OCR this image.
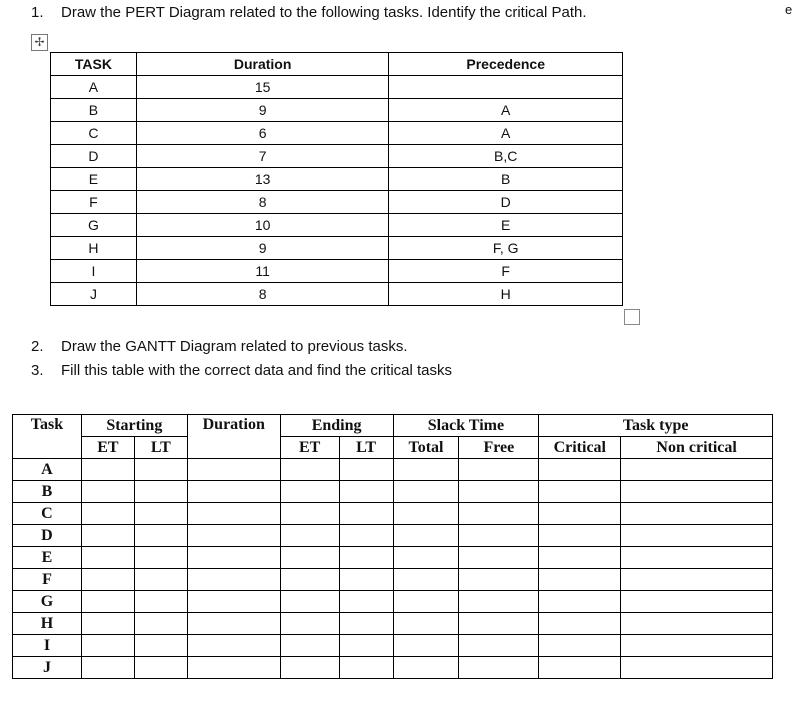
1. Draw the PERT Diagram related to the following tasks. Identify the critical Path.	e
✢
TASK	Duration	Precedence
A	15	
B	9	A
C	6	A
D	7	B,C
E	13	B
F	8	D
G	10	E
H	9	F, G
I	11	F
J	8	H
2. Draw the GANTT Diagram related to previous tasks.
3. Fill this table with the correct data and find the critical tasks
Task	Starting		Duration	Ending		Slack Time		Task type	
	ET	LT		ET	LT	Total	Free	Critical	Non critical
A									
B									
C									
D									
E									
F									
G									
H									
I									
J									
